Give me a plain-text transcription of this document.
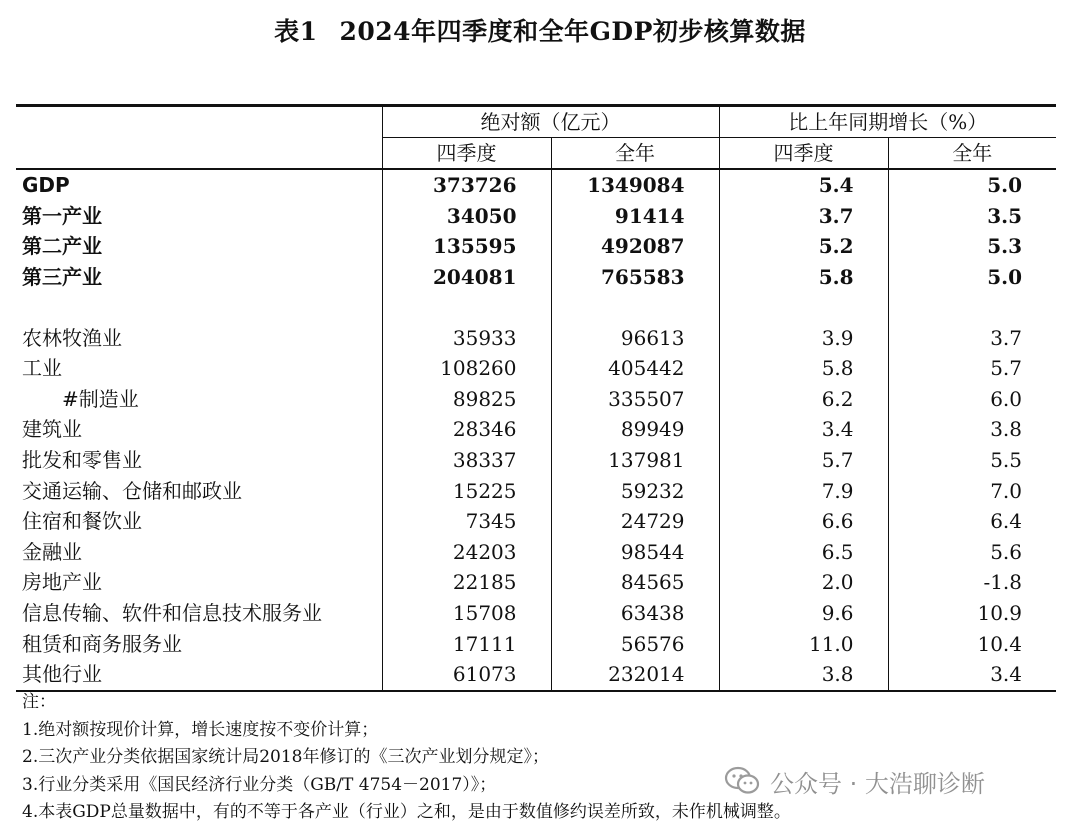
表1 2024年四季度和全年GDP初步核算数据
	绝对额（亿元）		比上年同期增长（%）	
	四季度	全年	四季度	全年
GDP	373726	1349084	5.4	5.0
第一产业	34050	91414	3.7	3.5
第二产业	135595	492087	5.2	5.3
第三产业	204081	765583	5.8	5.0

农林牧渔业	35933	96613	3.9	3.7
工业	108260	405442	5.8	5.7
#制造业	89825	335507	6.2	6.0
建筑业	28346	89949	3.4	3.8
批发和零售业	38337	137981	5.7	5.5
交通运输、仓储和邮政业	15225	59232	7.9	7.0
住宿和餐饮业	7345	24729	6.6	6.4
金融业	24203	98544	6.5	5.6
房地产业	22185	84565	2.0	-1.8
信息传输、软件和信息技术服务业	15708	63438	9.6	10.9
租赁和商务服务业	17111	56576	11.0	10.4
其他行业	61073	232014	3.8	3.4
注：
1.绝对额按现价计算，增长速度按不变价计算；
2.三次产业分类依据国家统计局2018年修订的《三次产业划分规定》；
3.行业分类采用《国民经济行业分类（GB/T 4754－2017）》；
4.本表GDP总量数据中，有的不等于各产业（行业）之和，是由于数值修约误差所致，未作机械调整。
公众号 · 大浩聊诊断
